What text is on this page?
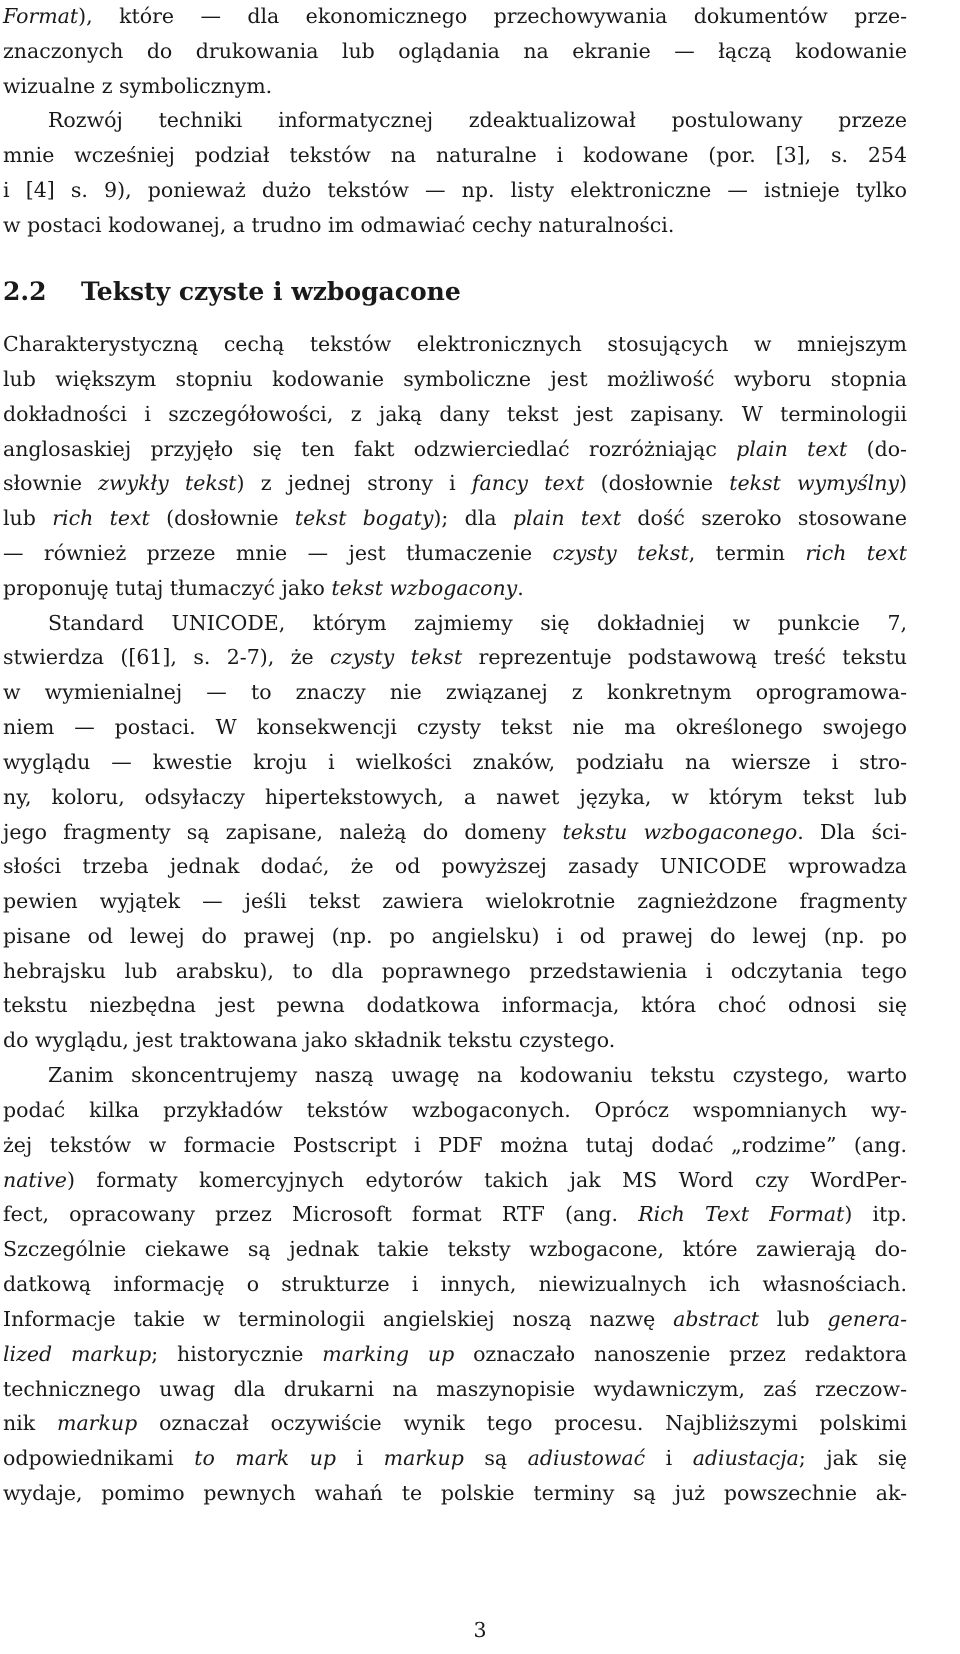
Format), które — dla ekonomicznego przechowywania dokumentów prze-
znaczonych do drukowania lub oglądania na ekranie — łączą kodowanie
wizualne z symbolicznym.
Rozwój techniki informatycznej zdeaktualizował postulowany przeze
mnie wcześniej podział tekstów na naturalne i kodowane (por. [3], s. 254
i [4] s. 9), ponieważ dużo tekstów — np. listy elektroniczne — istnieje tylko
w postaci kodowanej, a trudno im odmawiać cechy naturalności.
2.2 Teksty czyste i wzbogacone
Charakterystyczną cechą tekstów elektronicznych stosujących w mniejszym
lub większym stopniu kodowanie symboliczne jest możliwość wyboru stopnia
dokładności i szczegółowości, z jaką dany tekst jest zapisany. W terminologii
anglosaskiej przyjęło się ten fakt odzwierciedlać rozróżniając plain text (do-
słownie zwykły tekst) z jednej strony i fancy text (dosłownie tekst wymyślny)
lub rich text (dosłownie tekst bogaty); dla plain text dość szeroko stosowane
— również przeze mnie — jest tłumaczenie czysty tekst, termin rich text
proponuję tutaj tłumaczyć jako tekst wzbogacony.
Standard UNICODE, którym zajmiemy się dokładniej w punkcie 7,
stwierdza ([61], s. 2-7), że czysty tekst reprezentuje podstawową treść tekstu
w wymienialnej — to znaczy nie związanej z konkretnym oprogramowa-
niem — postaci. W konsekwencji czysty tekst nie ma określonego swojego
wyglądu — kwestie kroju i wielkości znaków, podziału na wiersze i stro-
ny, koloru, odsyłaczy hipertekstowych, a nawet języka, w którym tekst lub
jego fragmenty są zapisane, należą do domeny tekstu wzbogaconego. Dla ści-
słości trzeba jednak dodać, że od powyższej zasady UNICODE wprowadza
pewien wyjątek — jeśli tekst zawiera wielokrotnie zagnieżdzone fragmenty
pisane od lewej do prawej (np. po angielsku) i od prawej do lewej (np. po
hebrajsku lub arabsku), to dla poprawnego przedstawienia i odczytania tego
tekstu niezbędna jest pewna dodatkowa informacja, która choć odnosi się
do wyglądu, jest traktowana jako składnik tekstu czystego.
Zanim skoncentrujemy naszą uwagę na kodowaniu tekstu czystego, warto
podać kilka przykładów tekstów wzbogaconych. Oprócz wspomnianych wy-
żej tekstów w formacie Postscript i PDF można tutaj dodać „rodzime” (ang.
native) formaty komercyjnych edytorów takich jak MS Word czy WordPer-
fect, opracowany przez Microsoft format RTF (ang. Rich Text Format) itp.
Szczególnie ciekawe są jednak takie teksty wzbogacone, które zawierają do-
datkową informację o strukturze i innych, niewizualnych ich własnościach.
Informacje takie w terminologii angielskiej noszą nazwę abstract lub genera-
lized markup; historycznie marking up oznaczało nanoszenie przez redaktora
technicznego uwag dla drukarni na maszynopisie wydawniczym, zaś rzeczow-
nik markup oznaczał oczywiście wynik tego procesu. Najbliższymi polskimi
odpowiednikami to mark up i markup są adiustować i adiustacja; jak się
wydaje, pomimo pewnych wahań te polskie terminy są już powszechnie ak-
3
